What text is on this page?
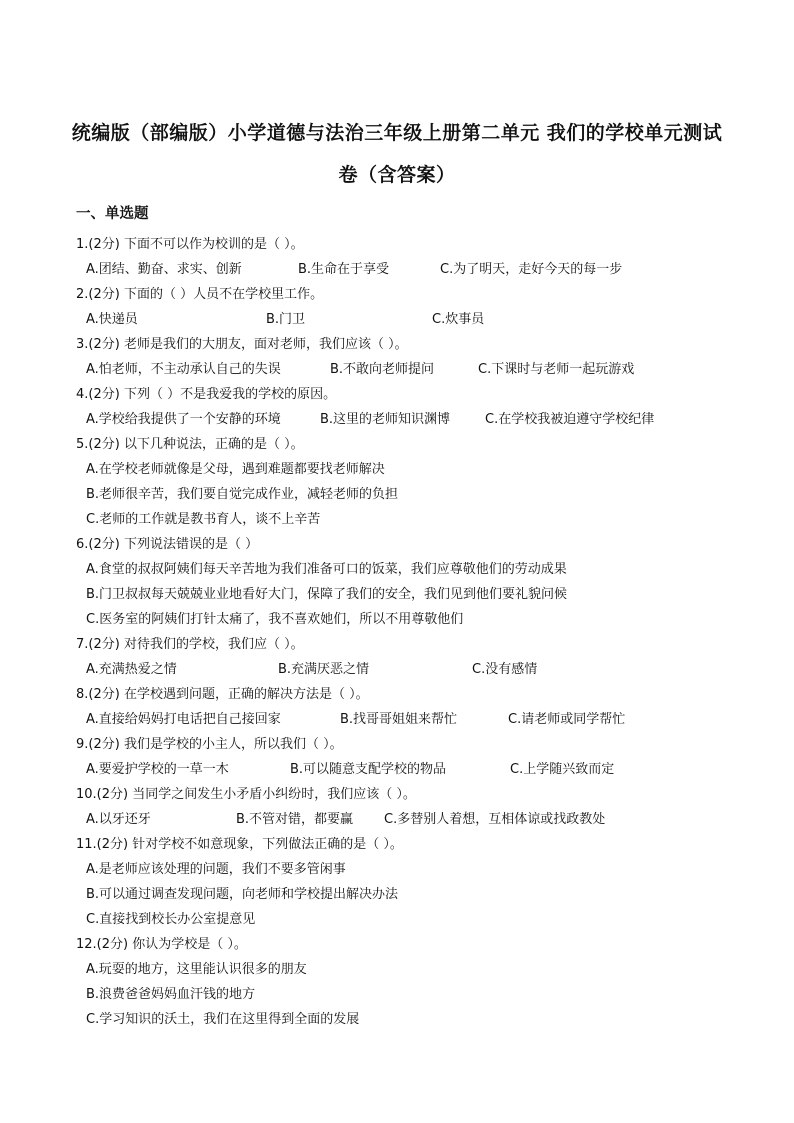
统编版（部编版）小学道德与法治三年级上册第二单元 我们的学校单元测试
卷（含答案）
一、单选题
1.(2分) 下面不可以作为校训的是（ ）。
A.团结、勤奋、求实、创新	B.生命在于享受	C.为了明天，走好今天的每一步
2.(2分) 下面的（ ）人员不在学校里工作。
A.快递员	B.门卫	C.炊事员
3.(2分) 老师是我们的大朋友，面对老师，我们应该（ ）。
A.怕老师，不主动承认自己的失误	B.不敢向老师提问	C.下课时与老师一起玩游戏
4.(2分) 下列（ ）不是我爱我的学校的原因。
A.学校给我提供了一个安静的环境	B.这里的老师知识渊博	C.在学校我被迫遵守学校纪律
5.(2分) 以下几种说法，正确的是（ ）。
A.在学校老师就像是父母，遇到难题都要找老师解决
B.老师很辛苦，我们要自觉完成作业，减轻老师的负担
C.老师的工作就是教书育人，谈不上辛苦
6.(2分) 下列说法错误的是（ ）
A.食堂的叔叔阿姨们每天辛苦地为我们准备可口的饭菜，我们应尊敬他们的劳动成果
B.门卫叔叔每天兢兢业业地看好大门，保障了我们的安全，我们见到他们要礼貌问候
C.医务室的阿姨们打针太痛了，我不喜欢她们，所以不用尊敬他们
7.(2分) 对待我们的学校，我们应（ ）。
A.充满热爱之情	B.充满厌恶之情	C.没有感情
8.(2分) 在学校遇到问题，正确的解决方法是（ ）。
A.直接给妈妈打电话把自己接回家	B.找哥哥姐姐来帮忙	C.请老师或同学帮忙
9.(2分) 我们是学校的小主人，所以我们（ ）。
A.要爱护学校的一草一木	B.可以随意支配学校的物品	C.上学随兴致而定
10.(2分) 当同学之间发生小矛盾小纠纷时，我们应该（ ）。
A.以牙还牙	B.不管对错，都要赢 C.多替别人着想，互相体谅或找政教处
11.(2分) 针对学校不如意现象，下列做法正确的是（ ）。
A.是老师应该处理的问题，我们不要多管闲事
B.可以通过调查发现问题，向老师和学校提出解决办法
C.直接找到校长办公室提意见
12.(2分) 你认为学校是（ ）。
A.玩耍的地方，这里能认识很多的朋友
B.浪费爸爸妈妈血汗钱的地方
C.学习知识的沃土，我们在这里得到全面的发展
